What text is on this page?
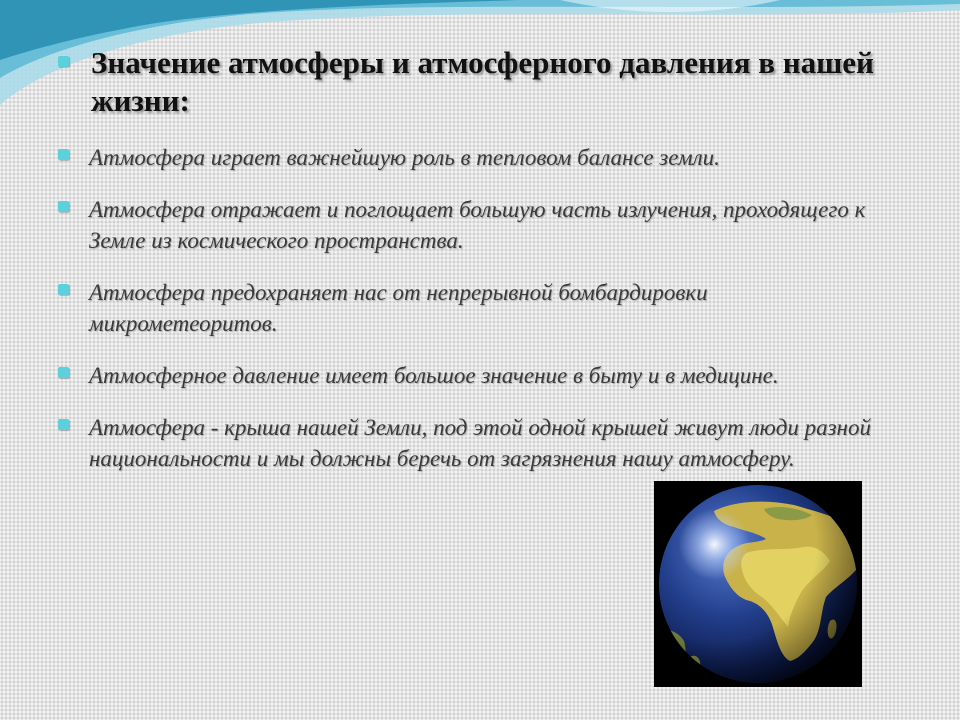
Значение атмосферы и атмосферного давления в нашей жизни:
Атмосфера играет важнейшую роль в тепловом балансе земли.
Атмосфера отражает и поглощает большую часть излучения, проходящего к Земле из космического пространства.
Атмосфера предохраняет нас от непрерывной бомбардировки микрометеоритов.
Атмосферное давление имеет большое значение в быту и в медицине.
Атмосфера - крыша нашей Земли, под этой одной крышей живут люди разной национальности и мы должны беречь от загрязнения нашу атмосферу.
